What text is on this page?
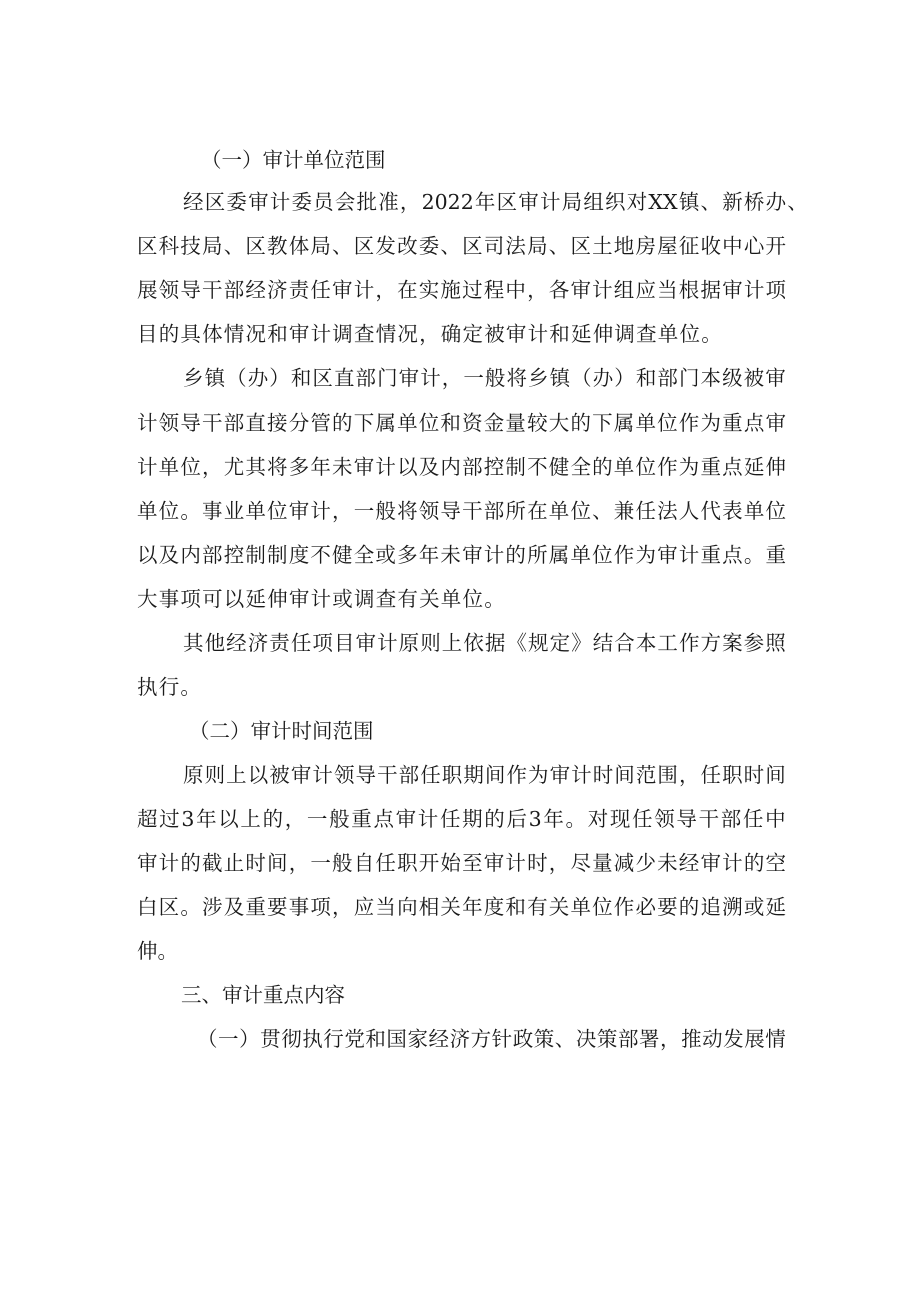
（一）审计单位范围
经 区 委 审 计 委 员 会 批 准 ， 2022 年 区 审 计 局 组 织 对 XX 镇 、 新 桥 办 、
区 科 技 局 、 区 教 体 局 、 区 发 改 委 、 区 司 法 局 、 区 土 地 房 屋 征 收 中 心 开
展 领 导 干 部 经 济 责 任 审 计 ， 在 实 施 过 程 中 ， 各 审 计 组 应 当 根 据 审 计 项
目的具体情况和审计调查情况，确定被审计和延伸调查单位。
乡 镇 （ 办 ） 和 区 直 部 门 审 计 ， 一 般 将 乡 镇 （ 办 ） 和 部 门 本 级 被 审
计 领 导 干 部 直 接 分 管 的 下 属 单 位 和 资 金 量 较 大 的 下 属 单 位 作 为 重 点 审
计 单 位 ， 尤 其 将 多 年 未 审 计 以 及 内 部 控 制 不 健 全 的 单 位 作 为 重 点 延 伸
单 位 。 事 业 单 位 审 计 ， 一 般 将 领 导 干 部 所 在 单 位 、 兼 任 法 人 代 表 单 位
以 及 内 部 控 制 制 度 不 健 全 或 多 年 未 审 计 的 所 属 单 位 作 为 审 计 重 点 。 重
大事项可以延伸审计或调查有关单位。
其 他 经 济 责 任 项 目 审 计 原 则 上 依 据 《 规 定 》 结 合 本 工 作 方 案 参 照
执行。
（二）审计时间范围
原 则 上 以 被 审 计 领 导 干 部 任 职 期 间 作 为 审 计 时 间 范 围 ， 任 职 时 间
超 过 3 年 以 上 的 ， 一 般 重 点 审 计 任 期 的 后 3 年 。 对 现 任 领 导 干 部 任 中
审 计 的 截 止 时 间 ， 一 般 自 任 职 开 始 至 审 计 时 ， 尽 量 减 少 未 经 审 计 的 空
白 区 。 涉 及 重 要 事 项 ， 应 当 向 相 关 年 度 和 有 关 单 位 作 必 要 的 追 溯 或 延
伸。
三、审计重点内容
（ 一 ） 贯 彻 执 行 党 和 国 家 经 济 方 针 政 策 、 决 策 部 署 ， 推 动 发 展 情
